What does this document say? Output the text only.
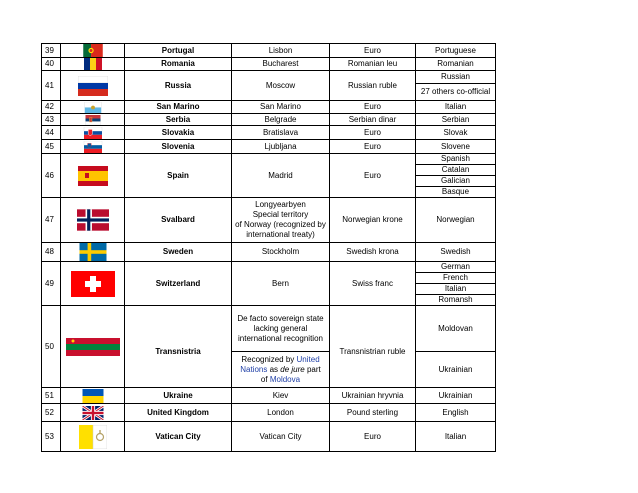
39		Portugal	Lisbon	Euro	Portuguese
40		Romania	Bucharest	Romanian leu	Romanian
41		Russia	Moscow	Russian ruble	Russian
					27 others co-official
42		San Marino	San Marino	Euro	Italian
43		Serbia	Belgrade	Serbian dinar	Serbian
44		Slovakia	Bratislava	Euro	Slovak
45		Slovenia	Ljubljana	Euro	Slovene
46		Spain	Madrid	Euro	Spanish
					Catalan
					Galician
					Basque
47		Svalbard	Longyearbyen
Special territory
of Norway (recognized by
international treaty)	Norwegian krone	Norwegian
48		Sweden	Stockholm	Swedish krona	Swedish
49		Switzerland	Bern	Swiss franc	German
					French
					Italian
					Romansh
50		Transnistria	De facto sovereign state
lacking general
international recognition	Transnistrian ruble	Moldovan

			Recognized by United
Nations as de jure part
of Moldova		Ukrainian
51		Ukraine	Kiev	Ukrainian hryvnia	Ukrainian
52		United Kingdom	London	Pound sterling	English
53		Vatican City	Vatican City	Euro	Italian
